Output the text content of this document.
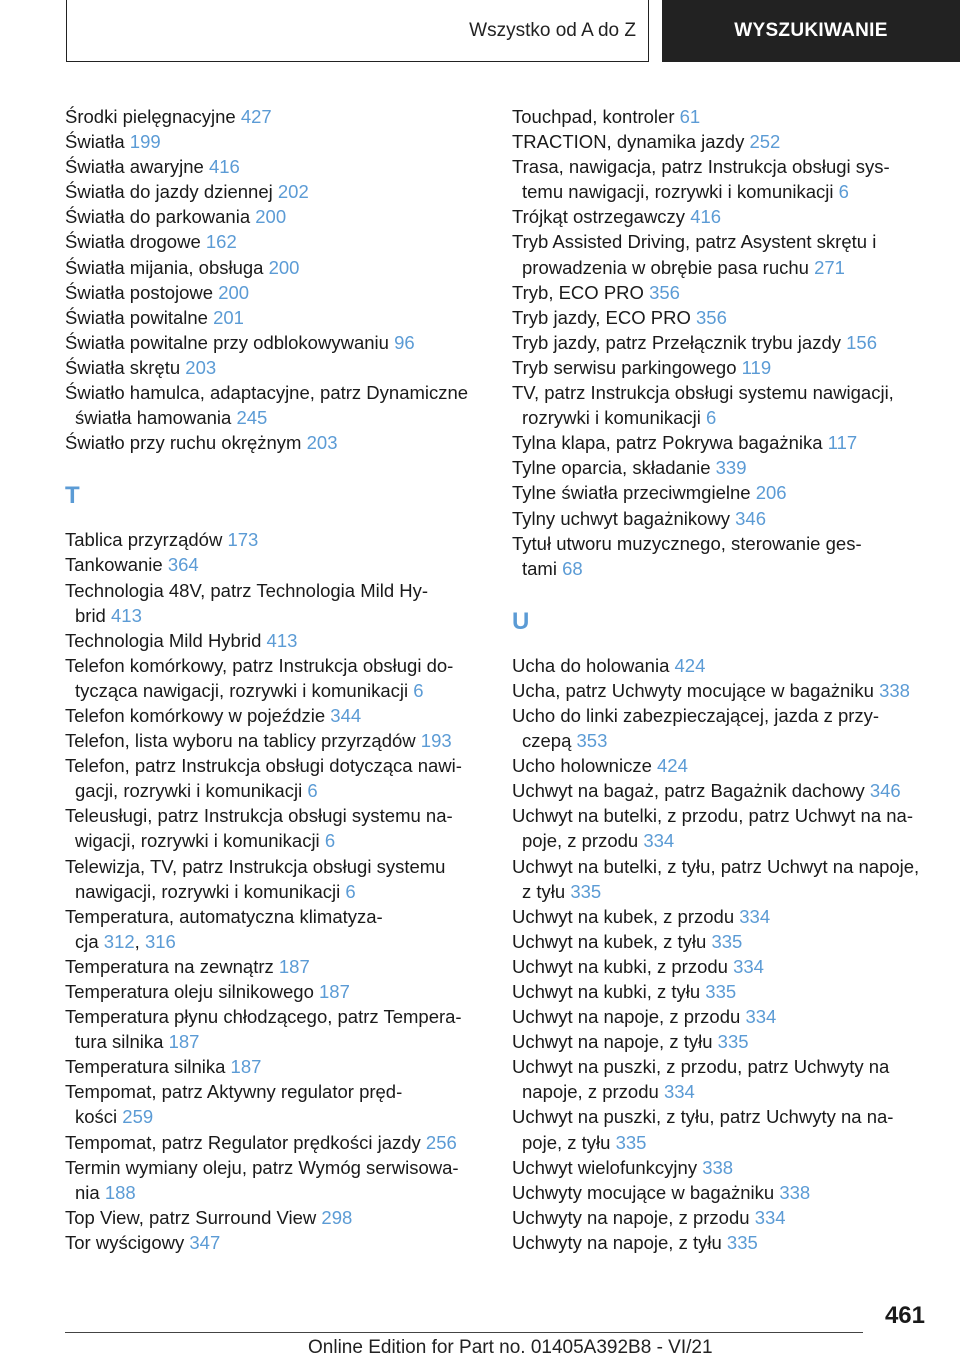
Wszystko od A do Z	WYSZUKIWANIE
Środki pielęgnacyjne 427
Światła 199
Światła awaryjne 416
Światła do jazdy dziennej 202
Światła do parkowania 200
Światła drogowe 162
Światła mijania, obsługa 200
Światła postojowe 200
Światła powitalne 201
Światła powitalne przy odblokowywaniu 96
Światła skrętu 203
Światło hamulca, adaptacyjne, patrz Dynamiczne
światła hamowania 245
Światło przy ruchu okrężnym 203
T
Tablica przyrządów 173
Tankowanie 364
Technologia 48V, patrz Technologia Mild Hy‐
brid 413
Technologia Mild Hybrid 413
Telefon komórkowy, patrz Instrukcja obsługi do‐
tycząca nawigacji, rozrywki i komunikacji 6
Telefon komórkowy w pojeździe 344
Telefon, lista wyboru na tablicy przyrządów 193
Telefon, patrz Instrukcja obsługi dotycząca nawi‐
gacji, rozrywki i komunikacji 6
Teleusługi, patrz Instrukcja obsługi systemu na‐
wigacji, rozrywki i komunikacji 6
Telewizja, TV, patrz Instrukcja obsługi systemu
nawigacji, rozrywki i komunikacji 6
Temperatura, automatyczna klimatyza‐
cja 312, 316
Temperatura na zewnątrz 187
Temperatura oleju silnikowego 187
Temperatura płynu chłodzącego, patrz Tempera‐
tura silnika 187
Temperatura silnika 187
Tempomat, patrz Aktywny regulator pręd‐
kości 259
Tempomat, patrz Regulator prędkości jazdy 256
Termin wymiany oleju, patrz Wymóg serwisowa‐
nia 188
Top View, patrz Surround View 298
Tor wyścigowy 347
Touchpad, kontroler 61
TRACTION, dynamika jazdy 252
Trasa, nawigacja, patrz Instrukcja obsługi sys‐
temu nawigacji, rozrywki i komunikacji 6
Trójkąt ostrzegawczy 416
Tryb Assisted Driving, patrz Asystent skrętu i
prowadzenia w obrębie pasa ruchu 271
Tryb, ECO PRO 356
Tryb jazdy, ECO PRO 356
Tryb jazdy, patrz Przełącznik trybu jazdy 156
Tryb serwisu parkingowego 119
TV, patrz Instrukcja obsługi systemu nawigacji,
rozrywki i komunikacji 6
Tylna klapa, patrz Pokrywa bagażnika 117
Tylne oparcia, składanie 339
Tylne światła przeciwmgielne 206
Tylny uchwyt bagażnikowy 346
Tytuł utworu muzycznego, sterowanie ges‐
tami 68
U
Ucha do holowania 424
Ucha, patrz Uchwyty mocujące w bagażniku 338
Ucho do linki zabezpieczającej, jazda z przy‐
czepą 353
Ucho holownicze 424
Uchwyt na bagaż, patrz Bagażnik dachowy 346
Uchwyt na butelki, z przodu, patrz Uchwyt na na‐
poje, z przodu 334
Uchwyt na butelki, z tyłu, patrz Uchwyt na napoje,
z tyłu 335
Uchwyt na kubek, z przodu 334
Uchwyt na kubek, z tyłu 335
Uchwyt na kubki, z przodu 334
Uchwyt na kubki, z tyłu 335
Uchwyt na napoje, z przodu 334
Uchwyt na napoje, z tyłu 335
Uchwyt na puszki, z przodu, patrz Uchwyty na
napoje, z przodu 334
Uchwyt na puszki, z tyłu, patrz Uchwyty na na‐
poje, z tyłu 335
Uchwyt wielofunkcyjny 338
Uchwyty mocujące w bagażniku 338
Uchwyty na napoje, z przodu 334
Uchwyty na napoje, z tyłu 335
461
Online Edition for Part no. 01405A392B8 - VI/21
